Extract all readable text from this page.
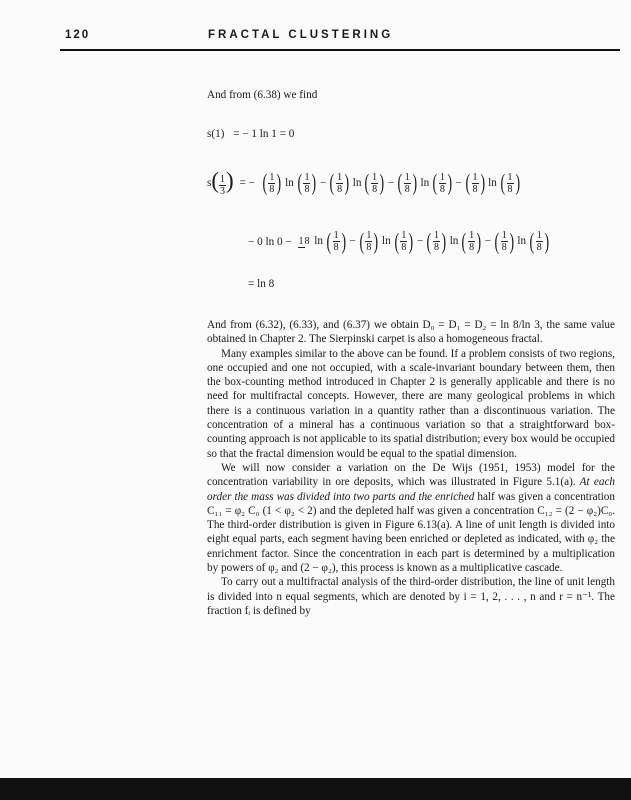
120	FRACTAL CLUSTERING
And from (6.38) we find
s(1) = − 1 ln 1 = 0
$s( \frac{1}{3}$ ) = − ( $\frac{1}{8}$ ) ln ( $\frac{1}{8}$ ) − ( $\frac{1}{8}$ ) ln ( $\frac{1}{8}$ ) − ( $\frac{1}{8}$ ) ln ( $\frac{1}{8}$ ) − ( $\frac{1}{8}$ ) ln ( $\frac{1}{8}$ )
− 0 ln 0 − 18 ln ( $\frac{1}{8}$ ) − ( $\frac{1}{8}$ ) ln ( $\frac{1}{8}$ ) − ( $\frac{1}{8}$ ) ln ( $\frac{1}{8}$ ) − ( $\frac{1}{8}$ ) ln ( $\frac{1}{8}$ )
= ln 8

And from (6.32), (6.33), and (6.37) we obtain D₀ = D₁ = D₂ = ln 8/ln 3, the same value obtained in Chapter 2. The Sierpinski carpet is also a homogeneous fractal.

Many examples similar to the above can be found. If a problem consists of two regions, one occupied and one not occupied, with a scale-invariant boundary between them, then the box-counting method introduced in Chapter 2 is generally applicable and there is no need for multifractal concepts. However, there are many geological problems in which there is a continuous variation in a quantity rather than a discontinuous variation. The concentration of a mineral has a continuous variation so that a straightforward box-counting approach is not applicable to its spatial distribution; every box would be occupied so that the fractal dimension would be equal to the spatial dimension.

We will now consider a variation on the De Wijs (1951, 1953) model for the concentration variability in ore deposits, which was illustrated in Figure 5.1(a). At each order the mass was divided into two parts and the enriched half was given a concentration C₁₁ = φ₂ C₀ (1 < φ₂ < 2) and the depleted half was given a concentration C₁₂ = (2 − φ₂)C₀. The third-order distribution is given in Figure 6.13(a). A line of unit length is divided into eight equal parts, each segment having been enriched or depleted as indicated, with φ₂ the enrichment factor. Since the concentration in each part is determined by a multiplication by powers of φ₂ and (2 − φ₂), this process is known as a multiplicative cascade.

To carry out a multifractal analysis of the third-order distribution, the line of unit length is divided into n equal segments, which are denoted by i = 1, 2, . . . , n and r = n⁻¹. The fraction fᵢ is defined by
